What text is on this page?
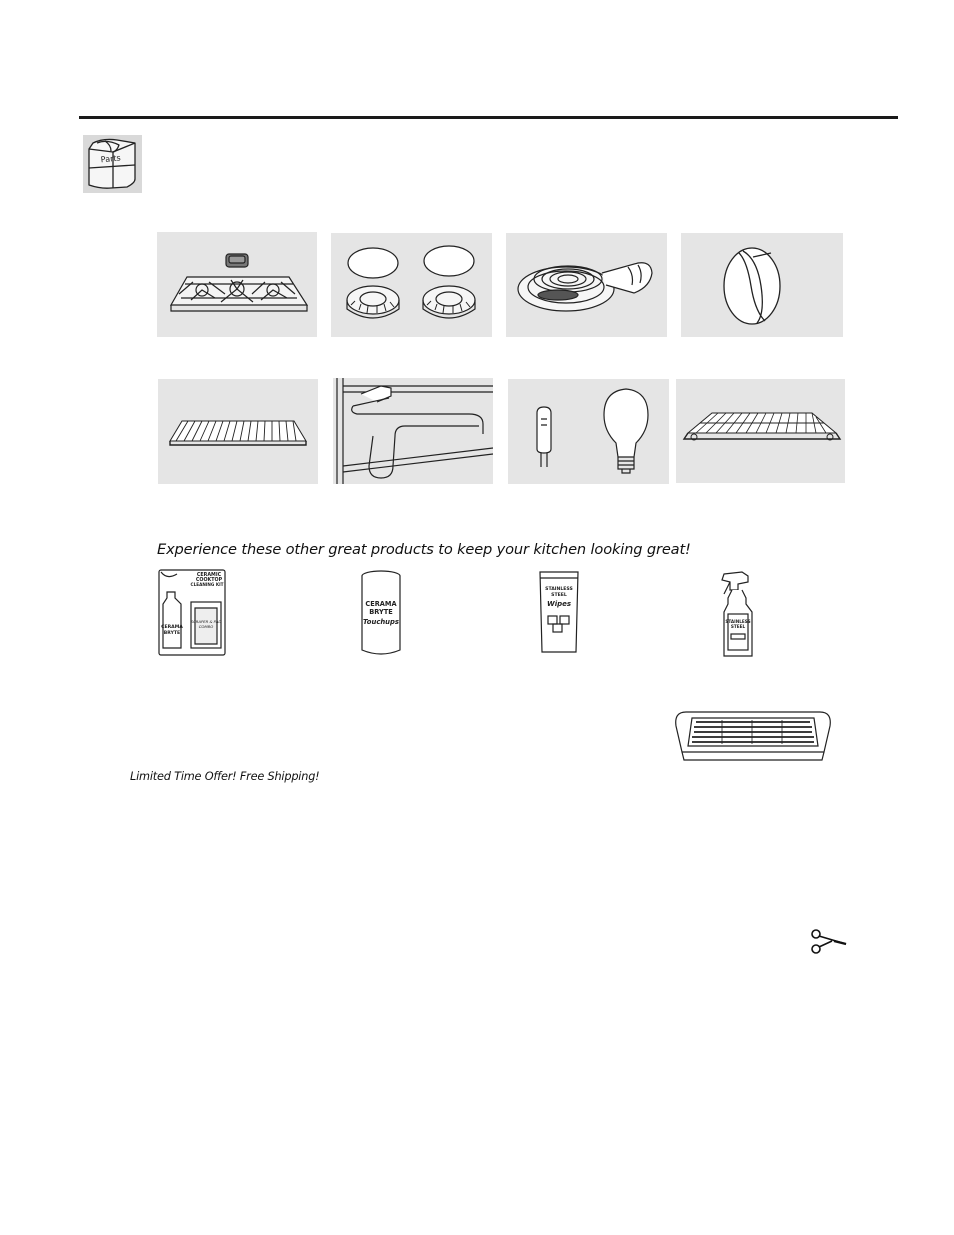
Parts

Experience these other great products to keep your kitchen looking great!

CERAMIC
COOKTOP
CLEANING KIT
CERAMA
BRYTE
SCRAPER & PAD
COMBO
CERAMA
BRYTE
Touchups
STAINLESS
STEEL
Wipes
STAINLESS
STEEL

Limited Time Offer! Free Shipping!
